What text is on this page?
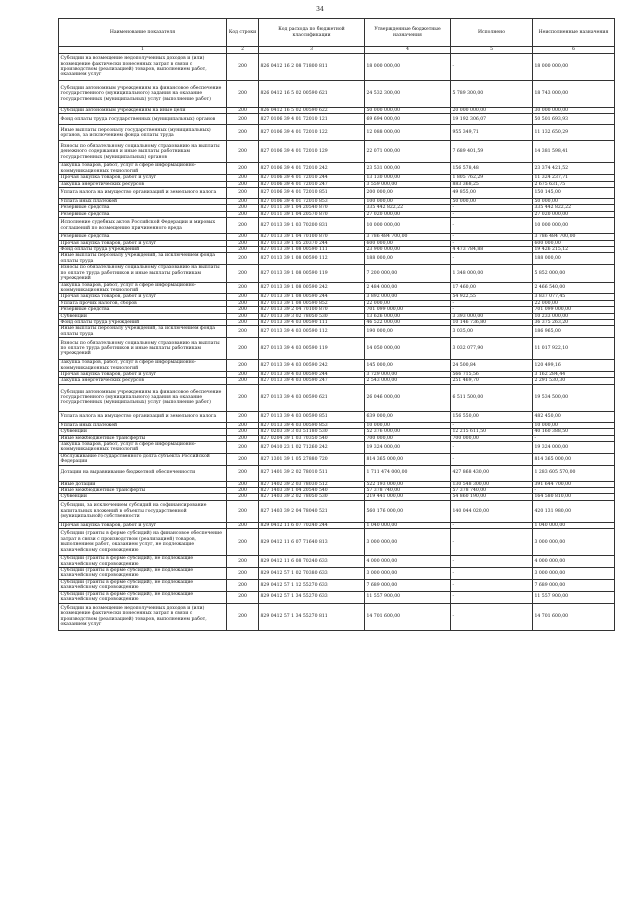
34
Наименование показателя	Код строки	Код расхода по бюджетной классификации	Утвержденные бюджетные назначения	Исполнено	Неисполненные назначения
1	2	3	4	5	6
Субсидии на возмещение недополученных доходов и (или) возмещение фактически понесенных затрат в связи с производством (реализацией) товаров, выполнением работ, оказанием услуг	200	826 0412 16 2 08 71800 811	18 000 000,00	-	18 000 000,00
Субсидии автономным учреждениям на финансовое обеспечение государственного (муниципального) задания на оказание государственных (муниципальных) услуг (выполнение работ)	200	826 0412 16 5 02 00590 621	24 532 300,00	5 789 300,00	18 743 000,00
Субсидии автономным учреждениям на иные цели	200	826 0412 16 5 02 00590 622	50 000 000,00	20 000 000,00	30 000 000,00
Фонд оплаты труда государственных (муниципальных) органов	200	827 0106 39 4 01 72010 121	69 694 000,00	19 192 306,07	50 501 693,93
Иные выплаты персоналу государственных (муниципальных) органов, за исключением фонда оплаты труда	200	827 0106 39 4 01 72010 122	12 088 000,00	955 349,71	11 132 650,29
Взносы по обязательному социальному страхованию на выплаты денежного содержания и иные выплаты работникам государственных (муниципальных) органов	200	827 0106 39 4 01 72010 129	22 071 000,00	7 689 401,59	14 381 598,41
Закупка товаров, работ, услуг в сфере информационно-коммуникационных технологий	200	827 0106 39 4 01 72010 242	23 531 000,00	156 578,48	23 374 421,52
Прочая закупка товаров, работ и услуг	200	827 0106 39 4 01 72010 244	13 130 000,00	1 805 762,29	11 324 237,71
Закупка энергетических ресурсов	200	827 0106 39 4 01 72010 247	3 559 000,00	883 368,25	2 675 631,75
Уплата налога на имущество организаций и земельного налога	200	827 0106 39 4 01 72010 851	200 000,00	49 855,00	150 145,00
Уплата иных платежей	200	827 0106 39 4 01 72010 853	100 000,00	50 000,00	50 000,00
Резервные средства	200	827 0111 39 1 04 20540 870	335 442 822,22	-	335 442 822,22
Резервные средства	200	827 0111 39 1 04 20570 870	27 020 000,00	-	27 020 000,00
Исполнение судебных актов Российской Федерации и мировых соглашений по возмещению причиненного вреда	200	827 0113 39 1 03 70200 831	10 000 000,00	-	10 000 000,00
Резервные средства	200	827 0113 39 1 04 70100 870	3 786 484 700,00	-	3 786 484 700,00
Прочая закупка товаров, работ и услуг	200	827 0113 39 1 05 20370 244	600 000,00	-	600 000,00
Фонд оплаты труда учреждений	200	827 0113 39 1 08 00590 111	23 900 000,00	4 473 784,88	19 426 215,12
Иные выплаты персоналу учреждений, за исключением фонда оплаты труда	200	827 0113 39 1 08 00590 112	188 000,00	-	188 000,00
Взносы по обязательному социальному страхованию на выплаты по оплате труда работников и иные выплаты работникам учреждений	200	827 0113 39 1 08 00590 119	7 200 000,00	1 348 000,00	5 852 000,00
Закупка товаров, работ, услуг в сфере информационно-коммуникационных технологий	200	827 0113 39 1 08 00590 242	2 484 000,00	17 460,00	2 466 540,00
Прочая закупка товаров, работ и услуг	200	827 0113 39 1 08 00590 244	3 892 000,00	54 922,55	3 837 077,45
Уплата прочих налогов, сборов	200	827 0113 39 1 08 00590 852	22 000,00	-	22 000,00
Резервные средства	200	827 0113 39 2 04 70100 870	701 099 000,00	-	701 099 000,00
Субвенции	200	827 0113 39 3 02 78050 530	13 626 000,00	3 393 000,00	10 233 000,00
Фонд оплаты труда учреждений	200	827 0113 39 4 03 00590 111	46 522 000,00	10 146 736,80	36 375 263,20
Иные выплаты персоналу учреждений, за исключением фонда оплаты труда	200	827 0113 39 4 03 00590 112	190 000,00	3 035,00	186 965,00
Взносы по обязательному социальному страхованию на выплаты по оплате труда работников и иные выплаты работникам учреждений	200	827 0113 39 4 03 00590 119	14 050 000,00	3 032 077,90	11 017 922,10
Закупка товаров, работ, услуг в сфере информационно-коммуникационных технологий	200	827 0113 39 4 03 00590 242	145 000,00	24 500,84	120 499,16
Прочая закупка товаров, работ и услуг	200	827 0113 39 4 03 00590 244	3 729 000,00	566 715,56	3 162 284,44
Закупка энергетических ресурсов	200	827 0113 39 4 03 00590 247	2 543 000,00	251 469,70	2 291 530,30
Субсидии автономным учреждениям на финансовое обеспечение государственного (муниципального) задания на оказание государственных (муниципальных) услуг (выполнение работ)	200	827 0113 39 4 03 00590 621	26 046 000,00	6 511 500,00	19 534 500,00
Уплата налога на имущество организаций и земельного налога	200	827 0113 39 4 03 00590 851	639 000,00	156 550,00	482 450,00
Уплата иных платежей	200	827 0113 39 4 03 00590 853	10 000,00	-	10 000,00
Субвенции	200	827 0203 39 3 03 51180 530	52 376 000,00	12 215 611,50	40 160 388,50
Иные межбюджетные трансферты	200	827 0204 39 1 03 70350 540	700 000,00	700 000,00	-
Закупка товаров, работ, услуг в сфере информационно-коммуникационных технологий	200	827 0410 23 1 02 71260 242	19 324 000,00	-	19 324 000,00
Обслуживание государственного долга субъекта Российской Федерации	200	827 1301 39 1 05 27880 720	814 365 000,00	-	814 365 000,00
Дотации на выравнивание бюджетной обеспеченности	200	827 1401 39 2 02 78010 511	1 711 474 000,00	427 868 430,00	1 283 605 570,00
Иные дотации	200	827 1402 39 2 03 78030 512	522 193 000,00	130 548 300,00	391 644 700,00
Иные межбюджетные трансферты	200	827 1403 39 1 04 20540 540	57 378 740,00	57 378 740,00	-
Субвенции	200	827 1403 39 2 02 78050 530	219 441 000,00	54 860 190,00	164 580 810,00
Субсидии, за исключением субсидий на софинансирование капитальных вложений в объекты государственной (муниципальной) собственности	200	827 1403 39 2 04 78040 521	560 176 000,00	140 044 020,00	420 131 980,00
Прочая закупка товаров, работ и услуг	200	829 0412 11 6 07 70240 244	1 040 000,00	-	1 040 000,00
Субсидии (гранты в форме субсидий) на финансовое обеспечение затрат в связи с производством (реализацией) товаров, выполнением работ, оказанием услуг, не подлежащие казначейскому сопровождению	200	829 0412 11 6 07 71640 813	3 000 000,00	-	3 000 000,00
Субсидии (гранты в форме субсидий), не подлежащие казначейскому сопровождению	200	829 0412 11 6 08 70240 633	4 000 000,00	-	4 000 000,00
Субсидии (гранты в форме субсидий), не подлежащие казначейскому сопровождению	200	829 0412 57 1 02 70380 633	3 000 000,00	-	3 000 000,00
Субсидии (гранты в форме субсидий), не подлежащие казначейскому сопровождению	200	829 0412 57 1 12 55270 633	7 689 000,00	-	7 689 000,00
Субсидии (гранты в форме субсидий), не подлежащие казначейскому сопровождению	200	829 0412 57 1 34 55270 633	11 557 900,00	-	11 557 900,00
Субсидии на возмещение недополученных доходов и (или) возмещение фактически понесенных затрат в связи с производством (реализацией) товаров, выполнением работ, оказанием услуг	200	829 0412 57 1 34 55270 811	14 701 600,00	-	14 701 600,00
